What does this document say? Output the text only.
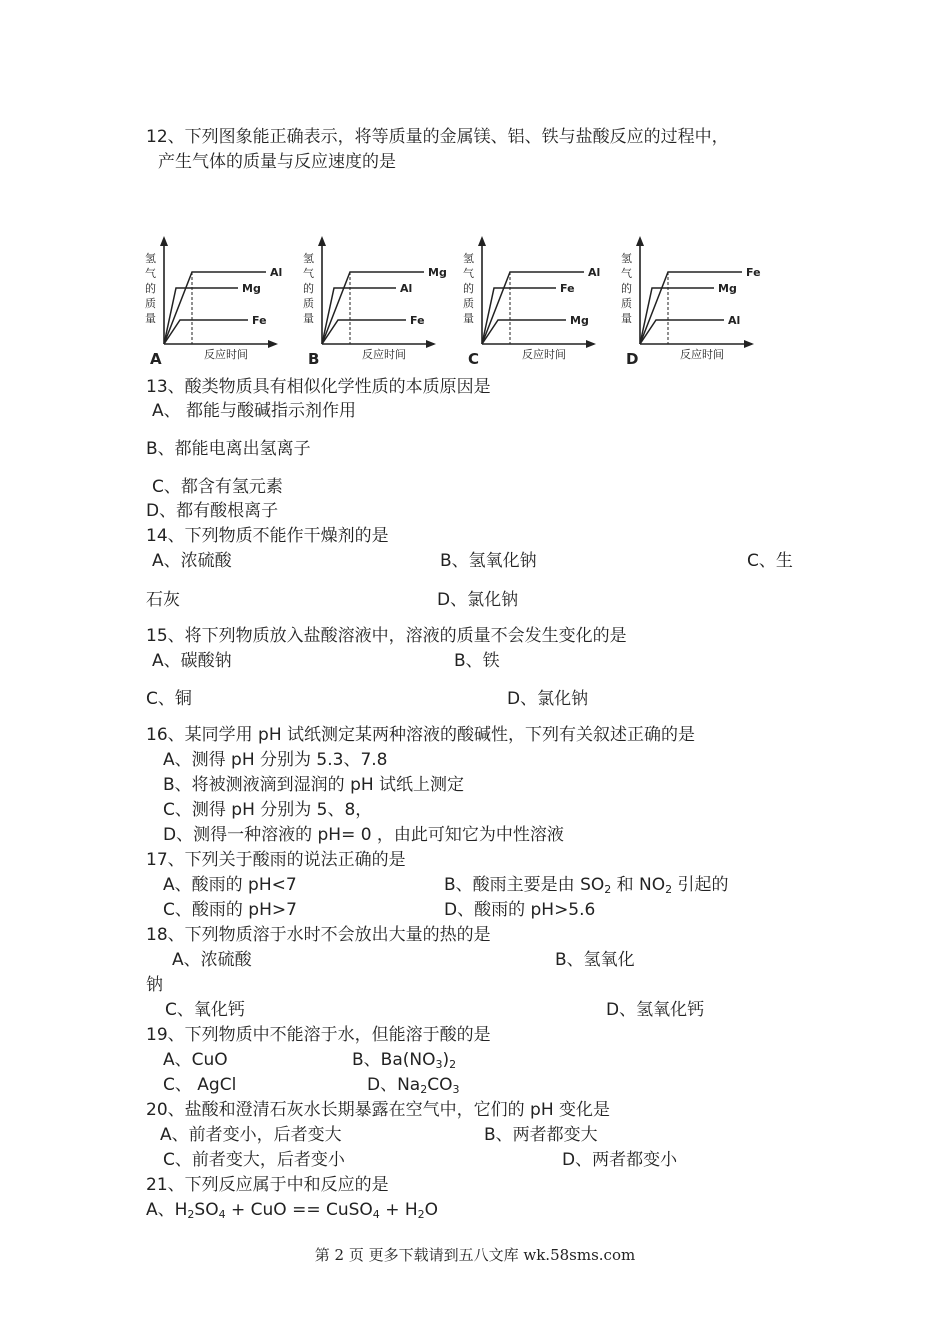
12、下列图象能正确表示，将等质量的金属镁、铝、铁与盐酸反应的过程中，
产生气体的质量与反应速度的是
氢
气
的
质
量
反应时间
A
Al
Mg
Fe
氢
气
的
质
量
反应时间
B
Mg
Al
Fe
氢
气
的
质
量
反应时间
C
Al
Fe
Mg
氢
气
的
质
量
反应时间
D
Fe
Mg
Al
13、酸类物质具有相似化学性质的本质原因是
A、 都能与酸碱指示剂作用
B、都能电离出氢离子
C、都含有氢元素
D、都有酸根离子
14、下列物质不能作干燥剂的是
A、浓硫酸	B、氢氧化钠	C、生
石灰	D、氯化钠
15、将下列物质放入盐酸溶液中，溶液的质量不会发生变化的是
A、碳酸钠	B、铁
C、铜	D、氯化钠
16、某同学用 pH 试纸测定某两种溶液的酸碱性，下列有关叙述正确的是
A、测得 pH 分别为 5.3、7.8
B、将被测液滴到湿润的 pH 试纸上测定
C、测得 pH 分别为 5、8，
D、测得一种溶液的 pH= 0 ，由此可知它为中性溶液
17、下列关于酸雨的说法正确的是
A、酸雨的 pH<7	B、酸雨主要是由 $SO_2$ 和 $NO_2$ 引起的
C、酸雨的 pH>7	D、酸雨的 pH>5.6
18、下列物质溶于水时不会放出大量的热的是
A、浓硫酸	B、氢氧化
钠
C、氧化钙	D、氢氧化钙
19、下列物质中不能溶于水，但能溶于酸的是
A、CuO	B、$Ba(NO_3)_2$
C、 AgCl	D、$Na_2CO_3$
20、盐酸和澄清石灰水长期暴露在空气中，它们的 pH 变化是
A、前者变小，后者变大	B、两者都变大
C、前者变大，后者变小	D、两者都变小
21、下列反应属于中和反应的是
A、$H_2SO_4$ + CuO == CuSO$_4$ + $H_2O$
第 2 页 更多下载请到五八文库 wk.58sms.com
